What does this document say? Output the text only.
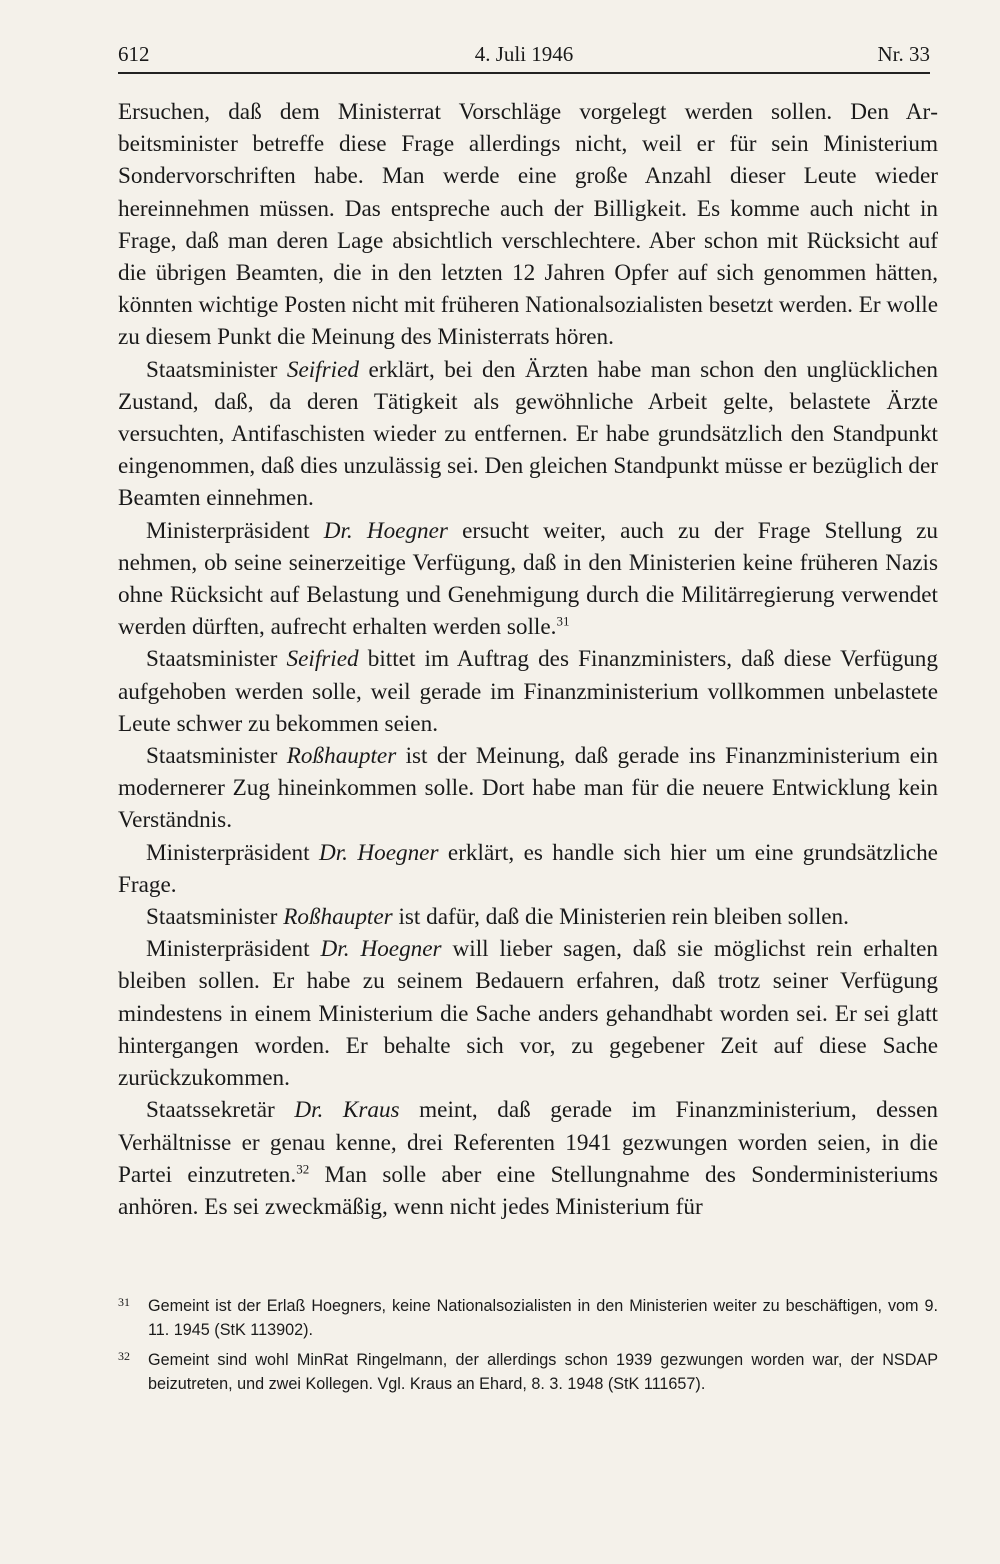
612	4. Juli 1946	Nr. 33

Ersuchen, daß dem Ministerrat Vorschläge vorgelegt werden sollen. Den Arbeitsminister betreffe diese Frage allerdings nicht, weil er für sein Ministerium Sondervorschriften habe. Man werde eine große Anzahl dieser Leute wieder hereinnehmen müssen. Das entspreche auch der Billigkeit. Es komme auch nicht in Frage, daß man deren Lage absichtlich verschlechtere. Aber schon mit Rücksicht auf die übrigen Beamten, die in den letzten 12 Jahren Opfer auf sich genommen hätten, könnten wichtige Posten nicht mit früheren Nationalsozialisten besetzt werden. Er wolle zu diesem Punkt die Meinung des Ministerrats hören.

Staatsminister Seifried erklärt, bei den Ärzten habe man schon den unglücklichen Zustand, daß, da deren Tätigkeit als gewöhnliche Arbeit gelte, belastete Ärzte versuchten, Antifaschisten wieder zu entfernen. Er habe grundsätzlich den Standpunkt eingenommen, daß dies unzulässig sei. Den gleichen Standpunkt müsse er bezüglich der Beamten einnehmen.

Ministerpräsident Dr. Hoegner ersucht weiter, auch zu der Frage Stellung zu nehmen, ob seine seinerzeitige Verfügung, daß in den Ministerien keine früheren Nazis ohne Rücksicht auf Belastung und Genehmigung durch die Militärregierung verwendet werden dürften, aufrecht erhalten werden solle.$^{31}$

Staatsminister Seifried bittet im Auftrag des Finanzministers, daß diese Verfügung aufgehoben werden solle, weil gerade im Finanzministerium vollkommen unbelastete Leute schwer zu bekommen seien.

Staatsminister Roßhaupter ist der Meinung, daß gerade ins Finanzministerium ein modernerer Zug hineinkommen solle. Dort habe man für die neuere Entwicklung kein Verständnis.

Ministerpräsident Dr. Hoegner erklärt, es handle sich hier um eine grundsätzliche Frage.

Staatsminister Roßhaupter ist dafür, daß die Ministerien rein bleiben sollen.

Ministerpräsident Dr. Hoegner will lieber sagen, daß sie möglichst rein erhalten bleiben sollen. Er habe zu seinem Bedauern erfahren, daß trotz seiner Verfügung mindestens in einem Ministerium die Sache anders gehandhabt worden sei. Er sei glatt hintergangen worden. Er behalte sich vor, zu gegebener Zeit auf diese Sache zurückzukommen.

Staatssekretär Dr. Kraus meint, daß gerade im Finanzministerium, dessen Verhältnisse er genau kenne, drei Referenten 1941 gezwungen worden seien, in die Partei einzutreten.$^{32}$ Man solle aber eine Stellungnahme des Sonderministeriums anhören. Es sei zweckmäßig, wenn nicht jedes Ministerium für

31 Gemeint ist der Erlaß Hoegners, keine Nationalsozialisten in den Ministerien weiter zu beschäftigen, vom 9. 11. 1945 (StK 113902).

32 Gemeint sind wohl MinRat Ringelmann, der allerdings schon 1939 gezwungen worden war, der NSDAP beizutreten, und zwei Kollegen. Vgl. Kraus an Ehard, 8. 3. 1948 (StK 111657).
